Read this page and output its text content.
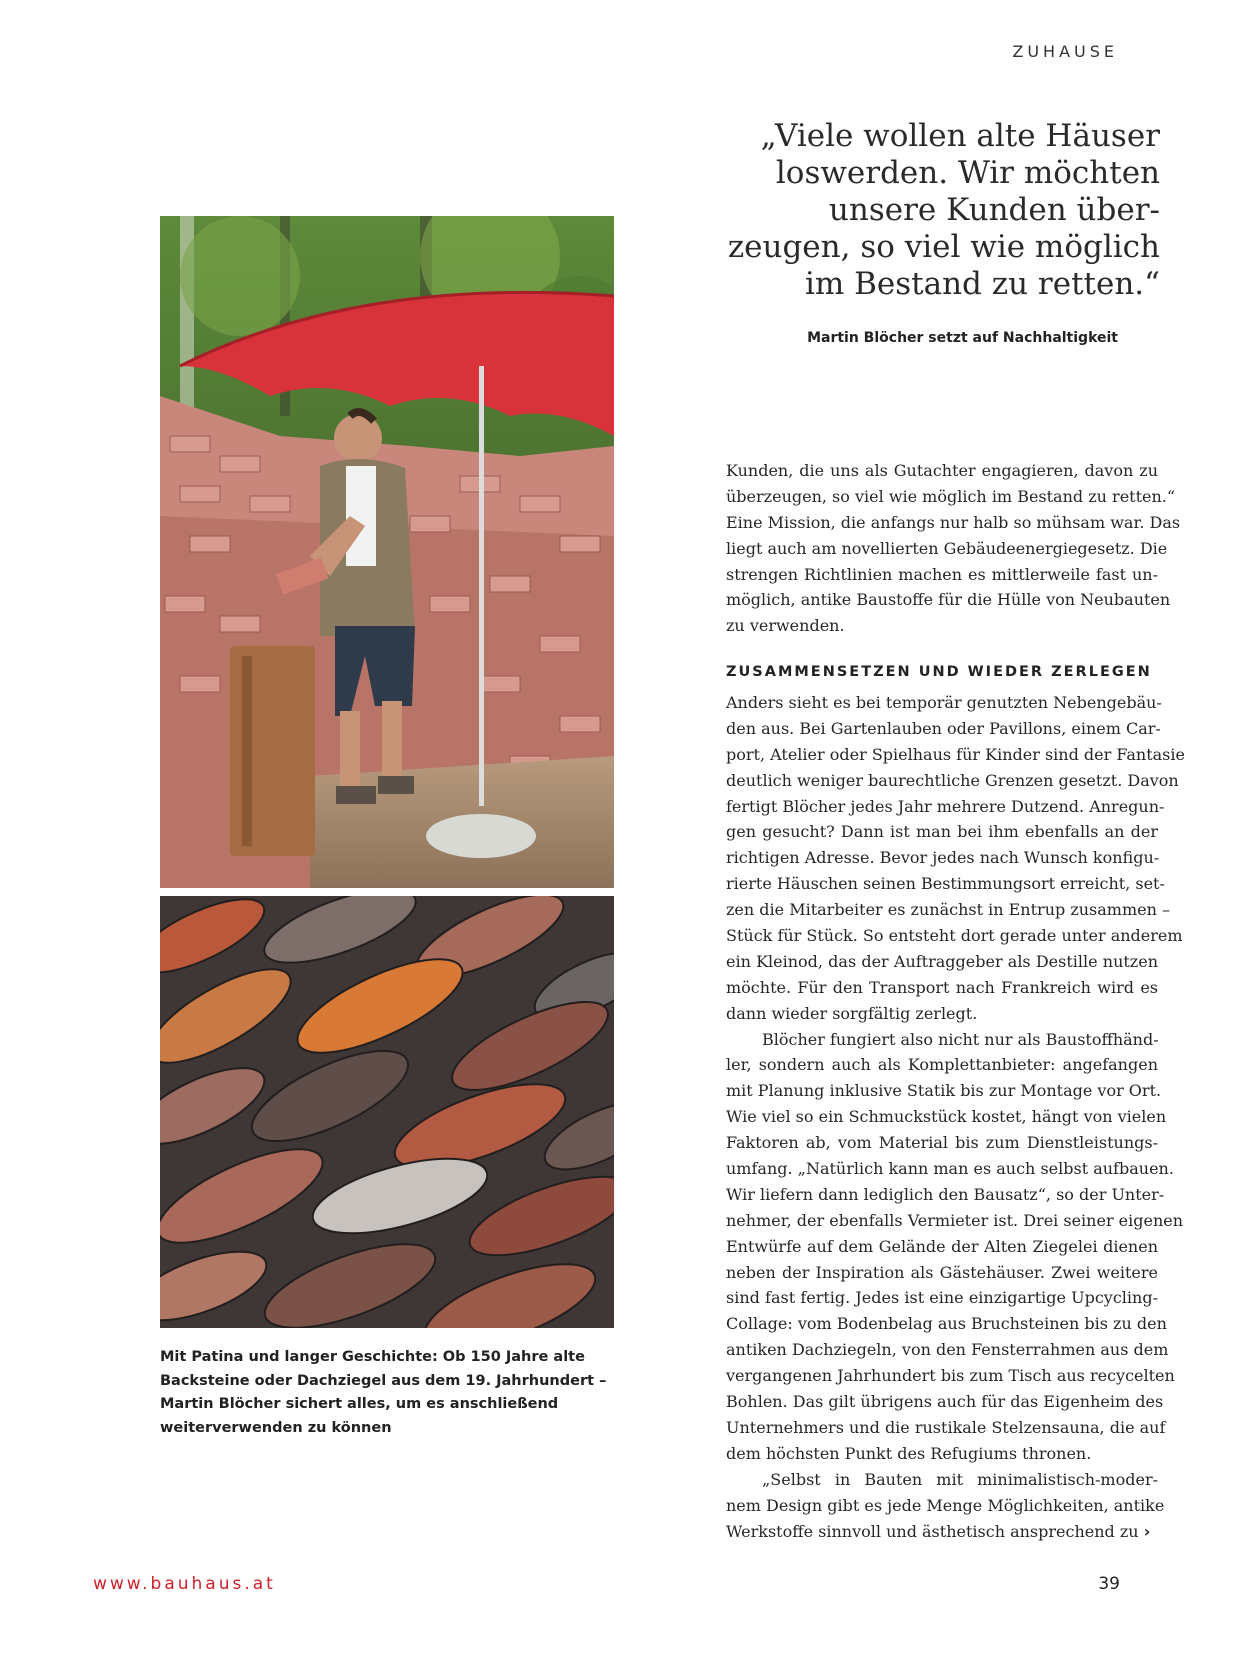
ZUHAUSE
„Viele wollen alte Häuser
loswerden. Wir möchten
unsere Kunden über-
zeugen, so viel wie möglich
im Bestand zu retten.“
Martin Blöcher setzt auf Nachhaltigkeit

Mit Patina und langer Geschichte: Ob 150 Jahre alte
Backsteine oder Dachziegel aus dem 19. Jahrhundert –
Martin Blöcher sichert alles, um es anschließend
weiterverwenden zu können

Kunden, die uns als Gutachter engagieren, davon zu
überzeugen, so viel wie möglich im Bestand zu retten.“
Eine Mission, die anfangs nur halb so mühsam war. Das
liegt auch am novellierten Gebäudeenergiegesetz. Die
strengen Richtlinien machen es mittlerweile fast un-
möglich, antike Baustoffe für die Hülle von Neubauten
zu verwenden.
ZUSAMMENSETZEN UND WIEDER ZERLEGEN
Anders sieht es bei temporär genutzten Nebengebäu-
den aus. Bei Gartenlauben oder Pavillons, einem Car-
port, Atelier oder Spielhaus für Kinder sind der Fantasie
deutlich weniger baurechtliche Grenzen gesetzt. Davon
fertigt Blöcher jedes Jahr mehrere Dutzend. Anregun-
gen gesucht? Dann ist man bei ihm ebenfalls an der
richtigen Adresse. Bevor jedes nach Wunsch konfigu-
rierte Häuschen seinen Bestimmungsort erreicht, set-
zen die Mitarbeiter es zunächst in Entrup zusammen –
Stück für Stück. So entsteht dort gerade unter anderem
ein Kleinod, das der Auftraggeber als Destille nutzen
möchte. Für den Transport nach Frankreich wird es
dann wieder sorgfältig zerlegt.
Blöcher fungiert also nicht nur als Baustoffhänd-
ler, sondern auch als Komplettanbieter: angefangen
mit Planung inklusive Statik bis zur Montage vor Ort.
Wie viel so ein Schmuckstück kostet, hängt von vielen
Faktoren ab, vom Material bis zum Dienstleistungs-
umfang. „Natürlich kann man es auch selbst aufbauen.
Wir liefern dann lediglich den Bausatz“, so der Unter-
nehmer, der ebenfalls Vermieter ist. Drei seiner eigenen
Entwürfe auf dem Gelände der Alten Ziegelei dienen
neben der Inspiration als Gästehäuser. Zwei weitere
sind fast fertig. Jedes ist eine einzigartige Upcycling-
Collage: vom Bodenbelag aus Bruchsteinen bis zu den
antiken Dachziegeln, von den Fensterrahmen aus dem
vergangenen Jahrhundert bis zum Tisch aus recycelten
Bohlen. Das gilt übrigens auch für das Eigenheim des
Unternehmers und die rustikale Stelzensauna, die auf
dem höchsten Punkt des Refugiums thronen.
„Selbst in Bauten mit minimalistisch-moder-
nem Design gibt es jede Menge Möglichkeiten, antike
Werkstoffe sinnvoll und ästhetisch ansprechend zu ›
www.bauhaus.at	39
